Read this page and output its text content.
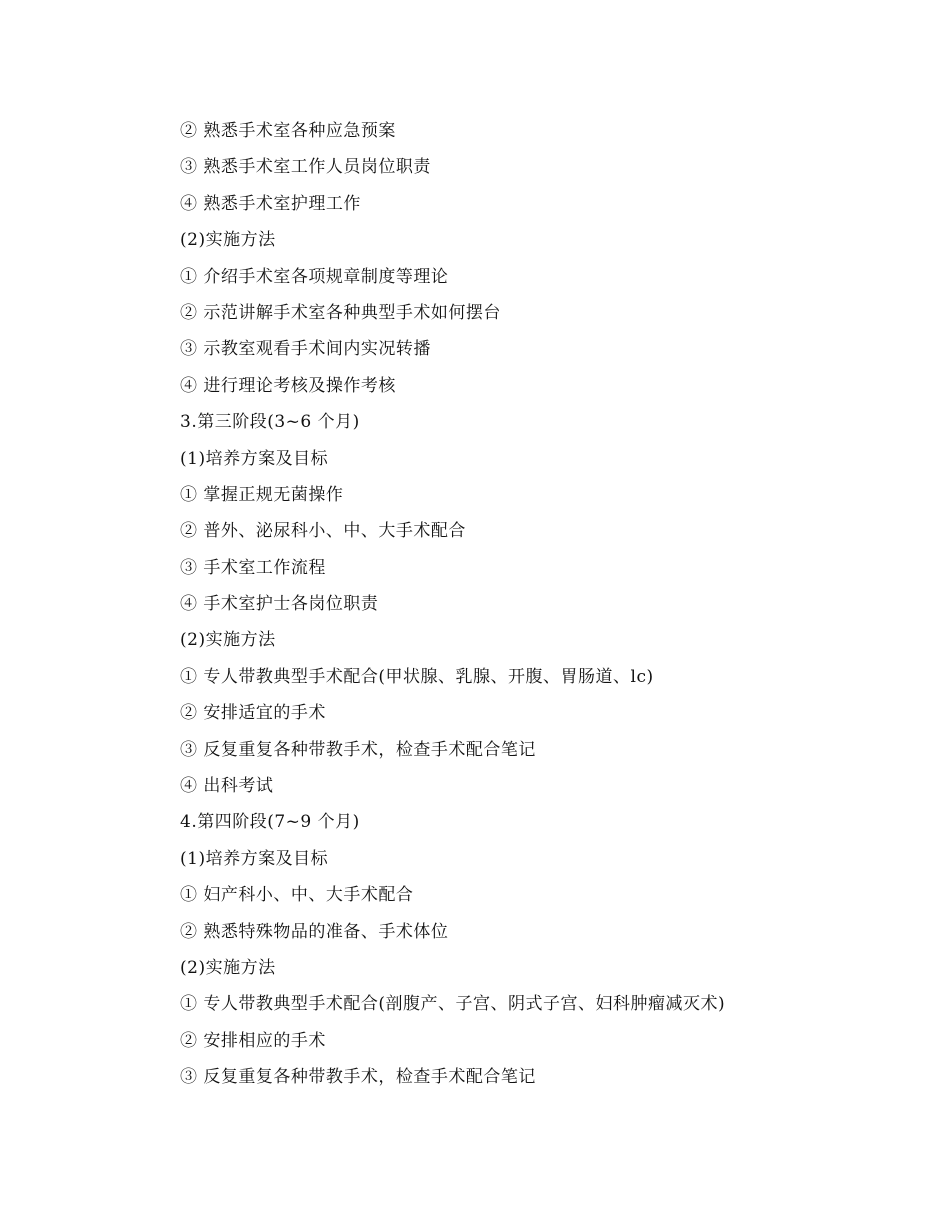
② 熟悉手术室各种应急预案
③ 熟悉手术室工作人员岗位职责
④ 熟悉手术室护理工作
(2)实施方法
① 介绍手术室各项规章制度等理论
② 示范讲解手术室各种典型手术如何摆台
③ 示教室观看手术间内实况转播
④ 进行理论考核及操作考核
3.第三阶段(3~6 个月)
(1)培养方案及目标
① 掌握正规无菌操作
② 普外、泌尿科小、中、大手术配合
③ 手术室工作流程
④ 手术室护士各岗位职责
(2)实施方法
① 专人带教典型手术配合(甲状腺、乳腺、开腹、胃肠道、lc)
② 安排适宜的手术
③ 反复重复各种带教手术，检查手术配合笔记
④ 出科考试
4.第四阶段(7~9 个月)
(1)培养方案及目标
① 妇产科小、中、大手术配合
② 熟悉特殊物品的准备、手术体位
(2)实施方法
① 专人带教典型手术配合(剖腹产、子宫、阴式子宫、妇科肿瘤减灭术)
② 安排相应的手术
③ 反复重复各种带教手术，检查手术配合笔记
